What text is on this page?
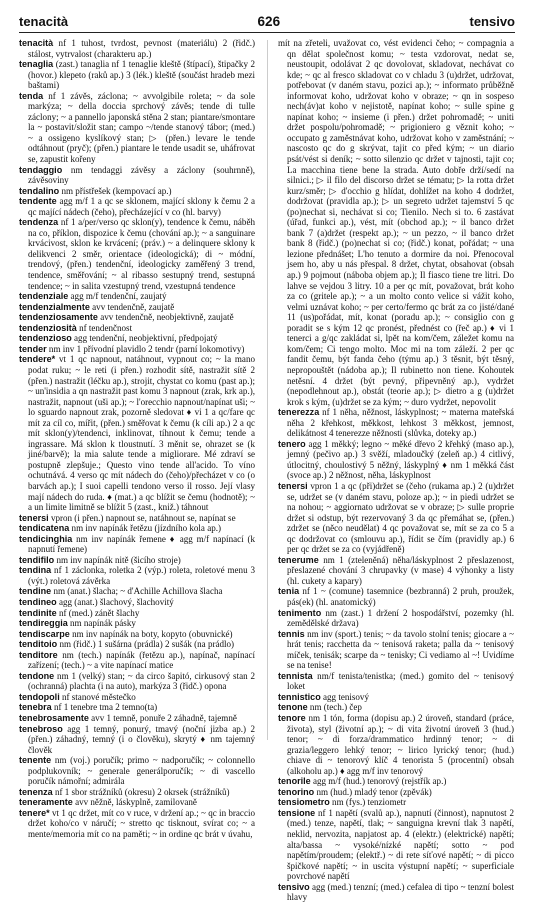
tenacità	626	tensivo

tenacità nf 1 tuhost, tvrdost, pevnost (materiálu) 2 (řidč.) stálost, vytrvalost (charakteru ap.)

tenaglia (zast.) tanaglia nf 1 tenaglie kleště (štípací), štipačky 2 (hovor.) klepeto (raků ap.) 3 (lék.) kleště (součást hradeb mezi baštami)

tenda nf 1 závěs, záclona; ~ avvolgibile roleta; ~ da sole markýza; ~ della doccia sprchový závěs; tende di tulle záclony; ~ a pannello japonská stěna 2 stan; piantare/smontare la ~ postavit/složit stan; campo ~/tende stanový tábor; (med.) ~ a ossigeno kyslíkový stan; ▷ (přen.) levare le tende odtáhnout (pryč); (přen.) piantare le tende usadit se, uháfrovat se, zapustit kořeny

tendaggio nm tendaggi závěsy a záclony (souhrnně), závěsoviny

tendalino nm přístřešek (kempovací ap.)

tendente agg m/f 1 a qc se sklonem, mající sklony k čemu 2 a qc mající nádech (čeho), přecházející v co (hl. barvy)

tendenza nf 1 a/per/verso qc sklon(y), tendence k čemu, náběh na co, příklon, dispozice k čemu (chování ap.); ~ a sanguinare krvácivost, sklon ke krvácení; (práv.) ~ a delinquere sklony k delikvenci 2 směr, orientace (ideologická); di ~ módní, trendový, (přen.) tendenční, ideologicky zaměřený 3 trend, tendence, směřování; ~ al ribasso sestupný trend, sestupná tendence; ~ in salita vzestupný trend, vzestupná tendence

tendenziale agg m/f tendenční, zaujatý

tendenzialmente avv tendenčně, zaujatě

tendenziosamente avv tendenčně, neobjektivně, zaujatě

tendenziosità nf tendenčnost

tendenzioso agg tendenční, neobjektivní, předpojatý

tender nm inv 1 přívodní plavidlo 2 tendr (parní lokomotivy)

tendere* vt 1 qc napnout, natáhnout, vypnout co; ~ la mano podat ruku; ~ le reti (i přen.) rozhodit sítě, nastražit sítě 2 (přen.) nastražit (léčku ap.), strojit, chystat co komu (past ap.); ~ un'insidia a qn nastražit past komu 3 napnout (zrak, krk ap.), nastražit, napnout (uši ap.); ~ l'orecchio napnout/napínat uši; ~ lo sguardo napnout zrak, pozorně sledovat ♦ vi 1 a qc/fare qc mít za cíl co, mířit, (přen.) směřovat k čemu (k cíli ap.) 2 a qc mít sklon(y)/tendenci, inklinovat, tíhnout k čemu; tende a ingrassare. Má sklon k tloustnutí. 3 měnit se, ohrazet se (k jiné/barvě); la mia salute tende a migliorare. Mé zdraví se postupně zlepšuje.; Questo vino tende all'acido. To víno ochutnává. 4 verso qc mít nádech do (čeho)/přecházet v co (o barvách ap.); I suoi capelli tendono verso il rosso. Její vlasy mají nádech do ruda. ♦ (mat.) a qc blížit se čemu (hodnotě); ~ a un limite limitně se blížit 5 (zast., kniž.) táhnout

tenersi vpron (i přen.) napnout se, natáhnout se, napínat se

tendicatena nm inv napínák řetězu (jízdního kola ap.)

tendicinghia nm inv napínák řemene ♦ agg m/f napínací (k napnutí řemene)

tendifilo nm inv napínák nitě (šicího stroje)

tendina nf 1 záclonka, roletka 2 (výp.) roleta, roletové menu 3 (výt.) roletová závěrka

tendine nm (anat.) šlacha; ~ d'Achille Achillova šlacha

tendineo agg (anat.) šlachový, šlachovitý

tendinite nf (med.) zánět šlachy

tendireggia nm napínák pásky

tendiscarpe nm inv napínák na boty, kopyto (obuvnické)

tenditoio nm (řidč.) 1 sušárna (prádla) 2 sušák (na prádlo)

tenditore nm (tech.) napínák (řetězu ap.), napínač, napínací zařízení; (tech.) ~ a vite napínací matice

tendone nm 1 (velký) stan; ~ da circo šapitó, cirkusový stan 2 (ochranná) plachta (i na auto), markýza 3 (řidč.) opona

tendopoli nf stanové městečko

tenebra nf 1 tenebre tma 2 temno(ta)

tenebrosamente avv 1 temně, ponuře 2 záhadně, tajemně

tenebroso agg 1 temný, ponurý, tmavý (noční jizba ap.) 2 (přen.) záhadný, temný (i o člověku), skrytý ♦ nm tajemný člověk

tenente nm (voj.) poručík; primo ~ nadporučík; ~ colonnello podplukovník; ~ generale generálporučík; ~ di vascello poručík námořní; admirála

tenenza nf 1 sbor strážníků (okresu) 2 okrsek (strážníků)

teneramente avv něžně, láskyplně, zamilovaně

tenere* vt 1 qc držet, mít co v ruce, v držení ap.; ~ qc in braccio držet koho/co v náručí; ~ stretto qc tisknout, svírat co; ~ a mente/memoria mít co na paměti; ~ in ordine qc brát v úvahu,

mít na zřeteli, uvažovat co, vést evidenci čeho; ~ compagnia a qn dělat společnost komu; ~ testa vzdorovat, nedat se, neustoupit, odolávat 2 qc dovolovat, skladovat, nechávat co kde; ~ qc al fresco skladovat co v chladu 3 (u)držet, udržovat, potřebovat (v daném stavu, pozici ap.); ~ informato průběžně informovat koho, udržovat koho v obraze; ~ qn in sospeso nech(áv)at koho v nejistotě, napínat koho; ~ sulle spine g napínat koho; ~ insieme (i přen.) držet pohromadě; ~ uniti držet pospolu/pohromadě; ~ prigioniero g věznit koho; ~ occupato g zaměstnávat koho, udržovat koho v zaměstnání; ~ nascosto qc do g skrývat, tajit co před kým; ~ un diario psát/vést si deník; ~ sotto silenzio qc držet v tajnosti, tajit co; La macchina tiene bene la strada. Auto dobře drží/sedí na silnici.; ▷ il filo del discorso držet se tématu; ▷ la rotta držet kurz/směr; ▷ d'occhio g hlídat, dohlížet na koho 4 dodržet, dodržovat (pravidla ap.); ▷ un segreto udržet tajemství 5 qc (po)nechat si, nechávat si co; Tienilo. Nech si to. 6 zastávat (úřad, funkci ap.), vést, mít (obchod ap.); ~ il banco držet bank 7 (a)držet (respekt ap.); ~ un pezzo, ~ il banco držet bank 8 (řidč.) (po)nechat si co; (řidč.) konat, pořádat; ~ una lezione přednášet; L'ho tenuto a dormire da noi. Přenocoval jsem ho, aby u nás přespal. 8 držet, chytat, obsahovat (obsah ap.) 9 pojmout (náboba objem ap.); Il fiasco tiene tre litri. Do lahve se vejdou 3 litry. 10 a per qc mít, považovat, brát koho za co (gritele ap.); ~ a un molto conto velice si vážit koho, velmi uznávat koho; ~ per certo/fermo qc brát za co jisté/dané 11 (us)pořádat, mít, konat (poradu ap.); ~ consiglio con g poradit se s kým 12 qc pronést, přednést co (řeč ap.) ♦ vi 1 tenerci a g/qc zakládat si, lpět na kom/čem, záležet komu na kom/čem; Ci tengo molto. Moc mi na tom záleží. 2 per qc fandit čemu, být fanda čeho (týmu ap.) 3 těsnit, být těsný, nepropouštět (nádoba ap.); Il rubinetto non tiene. Kohoutek netěsní. 4 držet (být pevný, připevněný ap.), vydržet (nepodlehnout ap.), obstát (teorie ap.); ▷ dietro a g (u)držet krok s kým, (u)držet se za kým; ~ duro vydržet, nepovolit

tenerezza nf 1 něha, něžnost, láskyplnost; ~ materna mateřská něha 2 křehkost, měkkost, lehkost 3 měkkost, jemnost, delikátnost 4 tenerezze něžnosti (slůvka, doteky ap.)

tenero agg 1 měkký; legno ~ měké dřevo 2 křehký (maso ap.), jemný (pečivo ap.) 3 svěží, mladoučký (zeleň ap.) 4 citlivý, útlocitný, choulostivý 5 něžný, láskyplný ♦ nm 1 měkká část (svoce ap.) 2 něžnost, něha, láskyplnost

tenersi vpron 1 a qc (při)držet se (čeho (rukama ap.) 2 (u)držet se, udržet se (v daném stavu, poloze ap.); ~ in piedi udržet se na nohou; ~ aggiornato udržovat se v obraze; ▷ sulle proprie držet si odstup, být rezervovaný 3 da qc přemáhat se, (přen.) zdržet se (něco neudělat) 4 qc považovat se, mít se za co 5 a qc dodržovat co (smlouvu ap.), řídit se čím (pravidly ap.) 6 per qc držet se za co (vyjádřeně)

tenerume nm 1 (zteleněná) něha/láskyplnost 2 přeslazenost, přeslazené chování 3 chrupavky (v mase) 4 výhonky a listy (hl. cukety a kapary)

tenia nf 1 ~ (comune) tasemnice (bezbranná) 2 pruh, proužek, pás(ek) (hl. anatomický)

tenimento nm (zast.) 1 držení 2 hospodářství, pozemky (hl. zemědělské država)

tennis nm inv (sport.) tenis; ~ da tavolo stolní tenis; giocare a ~ hrát tenis; racchetta da ~ tenisová raketa; palla da ~ tenisový míček, tenisák; scarpe da ~ tenisky; Ci vediamo al ~! Uvidíme se na tenise!

tennista nm/f tenista/tenistka; (med.) gomito del ~ tenisový loket

tennistico agg tenisový

tenone nm (tech.) čep

tenore nm 1 tón, forma (dopisu ap.) 2 úroveň, standard (práce, života), styl (životní ap.); ~ di vita životní úroveň 3 (hud.) tenor; ~ di forza/drammatico hrdinný tenor; ~ di grazia/leggero lehký tenor; ~ lirico lyrický tenor; (hud.) chiave di ~ tenorový klíč 4 tenorista 5 (procentní) obsah (alkoholu ap.) ♦ agg m/f inv tenorový

tenorile agg m/f (hud.) tenorový (rejstřík ap.)

tenorino nm (hud.) mladý tenor (zpěvák)

tensiometro nm (fys.) tenziometr

tensione nf 1 napětí (svalů ap.), napnutí (činnost), napnutost 2 (med.) tenze, napětí, tlak; ~ sanguigna krevní tlak 3 napětí, neklid, nervozita, napjatost ap. 4 (elektr.) (elektrické) napětí; alta/bassa ~ vysoké/nízké napětí; sotto ~ pod napětím/proudem; (elektř.) ~ di rete síťové napětí; ~ di picco špičkové napětí; ~ in uscita výstupní napětí; ~ superficiale povrchové napětí

tensivo agg (med.) tenzní; (med.) cefalea di tipo ~ tenzní bolest hlavy
